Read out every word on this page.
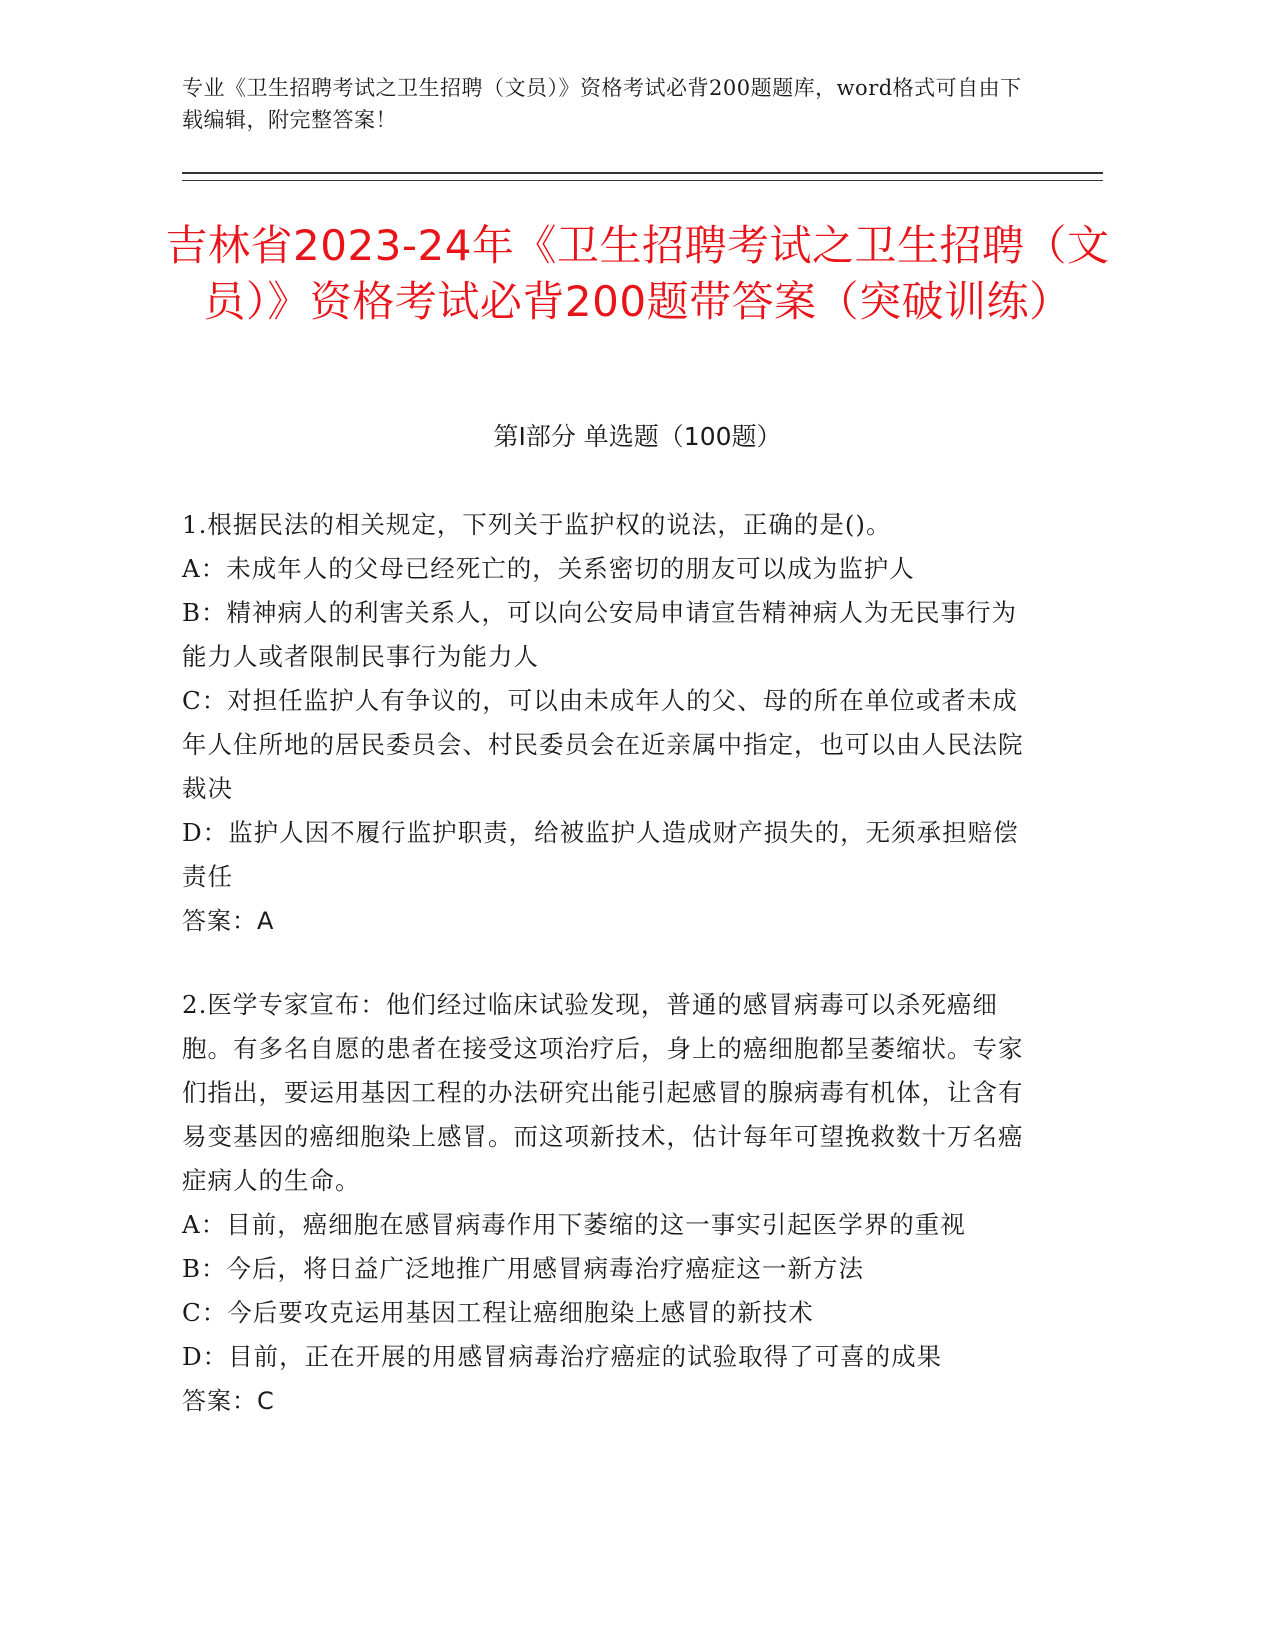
专业《卫生招聘考试之卫生招聘（文员）》资格考试必背200题题库，word格式可自由下载编辑，附完整答案！
吉林省2023-24年《卫生招聘考试之卫生招聘（文员）》资格考试必背200题带答案（突破训练）
第I部分 单选题（100题）

1.根据民法的相关规定，下列关于监护权的说法，正确的是()。

A：未成年人的父母已经死亡的，关系密切的朋友可以成为监护人

B：精神病人的利害关系人，可以向公安局申请宣告精神病人为无民事行为能力人或者限制民事行为能力人

C：对担任监护人有争议的，可以由未成年人的父、母的所在单位或者未成年人住所地的居民委员会、村民委员会在近亲属中指定，也可以由人民法院裁决

D：监护人因不履行监护职责，给被监护人造成财产损失的，无须承担赔偿责任

答案：A

2.医学专家宣布：他们经过临床试验发现，普通的感冒病毒可以杀死癌细胞。有多名自愿的患者在接受这项治疗后，身上的癌细胞都呈萎缩状。专家们指出，要运用基因工程的办法研究出能引起感冒的腺病毒有机体，让含有易变基因的癌细胞染上感冒。而这项新技术，估计每年可望挽救数十万名癌症病人的生命。

A：目前，癌细胞在感冒病毒作用下萎缩的这一事实引起医学界的重视

B：今后，将日益广泛地推广用感冒病毒治疗癌症这一新方法

C：今后要攻克运用基因工程让癌细胞染上感冒的新技术

D：目前，正在开展的用感冒病毒治疗癌症的试验取得了可喜的成果

答案：C
